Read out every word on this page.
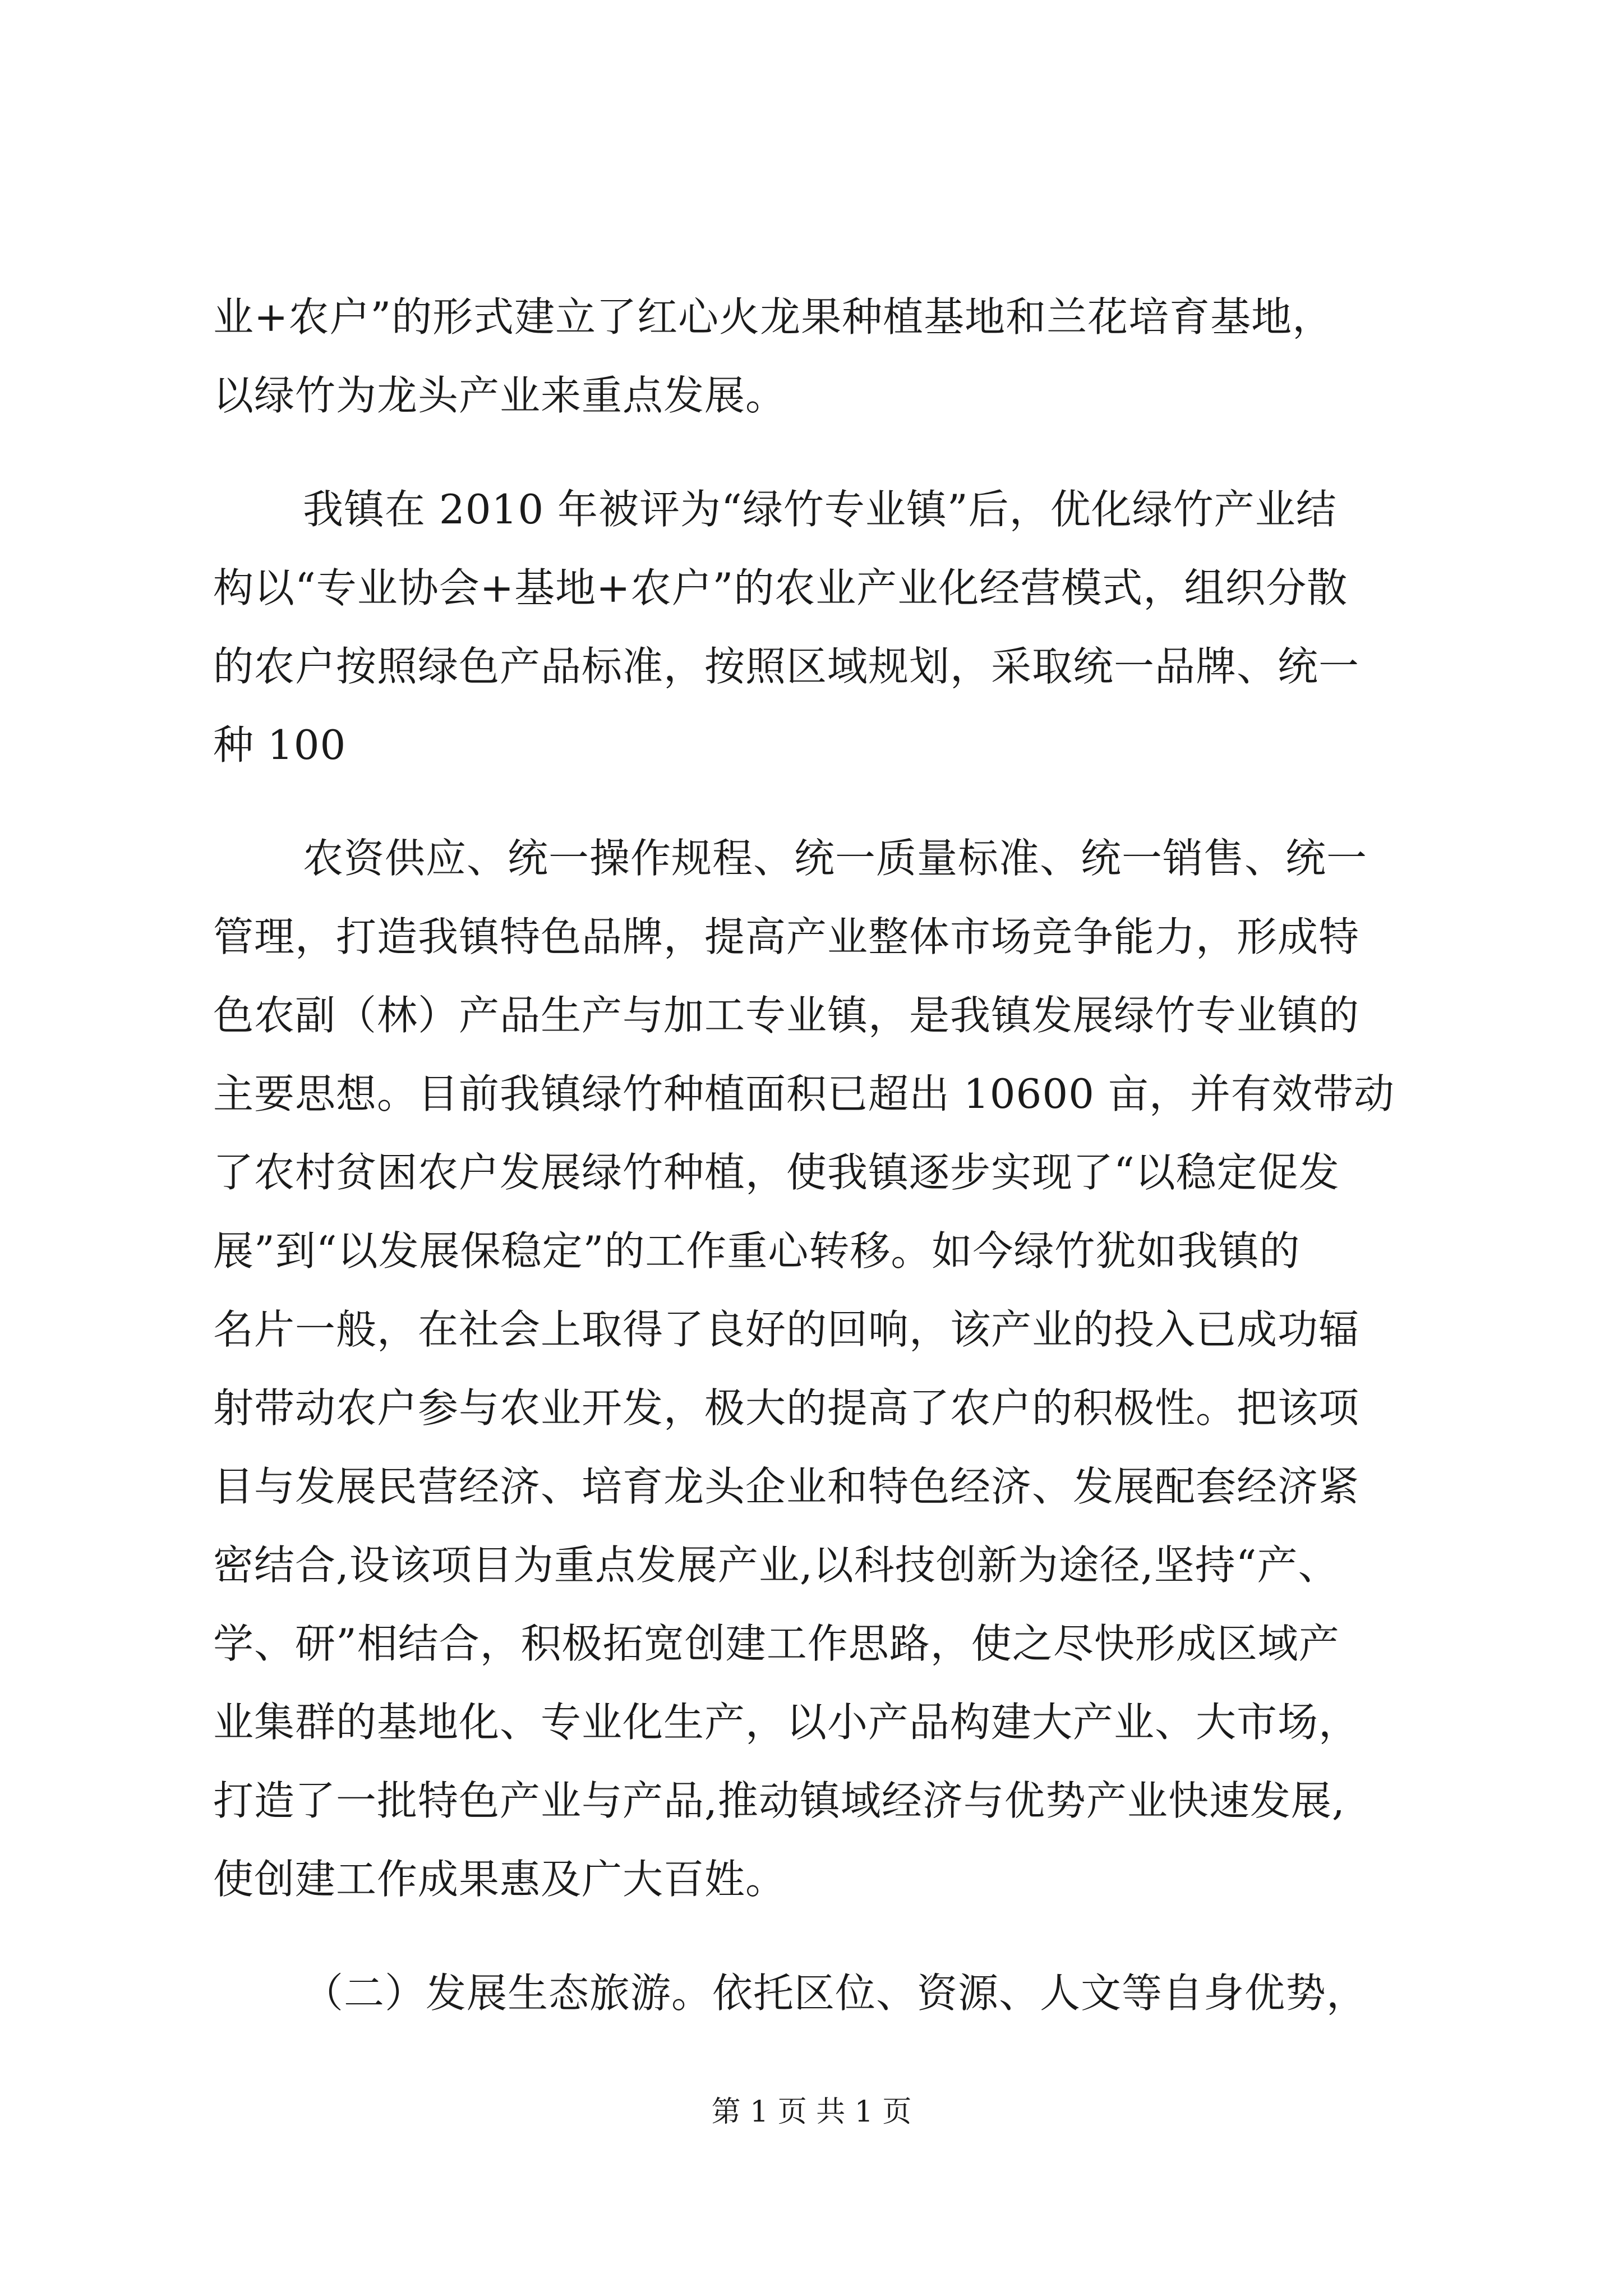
业+农户”的形式建立了红心火龙果种植基地和兰花培育基地，
以绿竹为龙头产业来重点发展。
我镇在 2010 年被评为“绿竹专业镇”后，优化绿竹产业结
构以“专业协会+基地+农户”的农业产业化经营模式，组织分散
的农户按照绿色产品标准，按照区域规划，采取统一品牌、统一
种 100
农资供应、统一操作规程、统一质量标准、统一销售、统一
管理，打造我镇特色品牌，提高产业整体市场竞争能力，形成特
色农副（林）产品生产与加工专业镇，是我镇发展绿竹专业镇的
主要思想。目前我镇绿竹种植面积已超出 10600 亩，并有效带动
了农村贫困农户发展绿竹种植，使我镇逐步实现了“以稳定促发
展”到“以发展保稳定”的工作重心转移。如今绿竹犹如我镇的
名片一般，在社会上取得了良好的回响，该产业的投入已成功辐
射带动农户参与农业开发，极大的提高了农户的积极性。把该项
目与发展民营经济、培育龙头企业和特色经济、发展配套经济紧
密结合,设该项目为重点发展产业,以科技创新为途径,坚持“产、
学、研”相结合，积极拓宽创建工作思路，使之尽快形成区域产
业集群的基地化、专业化生产，以小产品构建大产业、大市场，
打造了一批特色产业与产品,推动镇域经济与优势产业快速发展,
使创建工作成果惠及广大百姓。
（二）发展生态旅游。依托区位、资源、人文等自身优势，
第 1 页 共 1 页
